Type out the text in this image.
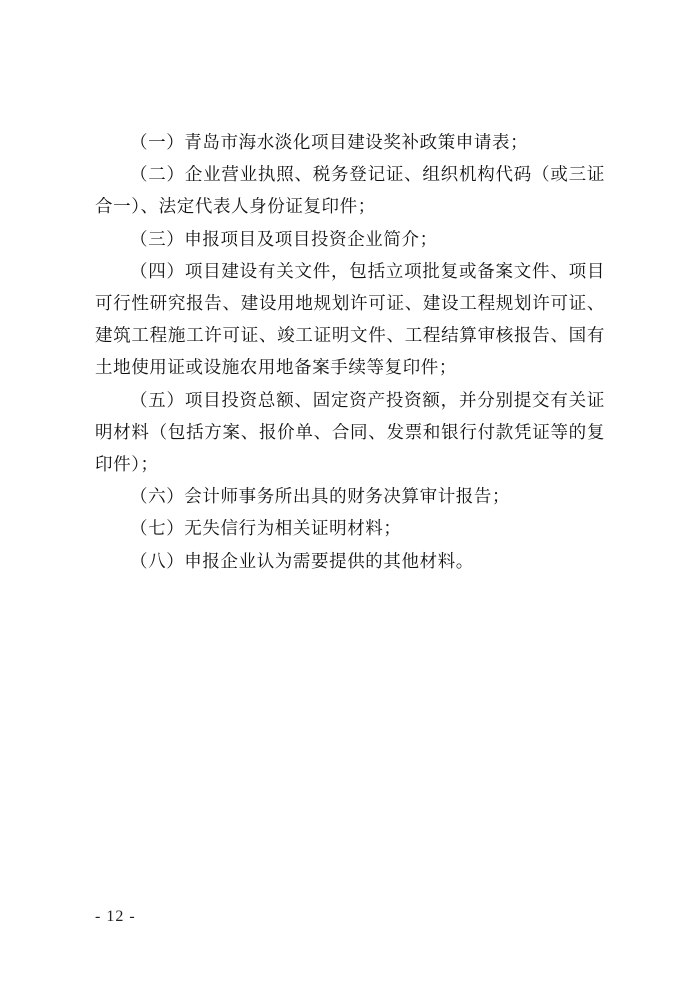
（一）青岛市海水淡化项目建设奖补政策申请表；

（二）企业营业执照、税务登记证、组织机构代码（或三证合一）、法定代表人身份证复印件；

（三）申报项目及项目投资企业简介；

（四）项目建设有关文件，包括立项批复或备案文件、项目可行性研究报告、建设用地规划许可证、建设工程规划许可证、建筑工程施工许可证、竣工证明文件、工程结算审核报告、国有土地使用证或设施农用地备案手续等复印件；

（五）项目投资总额、固定资产投资额，并分别提交有关证明材料（包括方案、报价单、合同、发票和银行付款凭证等的复印件）；

（六）会计师事务所出具的财务决算审计报告；

（七）无失信行为相关证明材料；

（八）申报企业认为需要提供的其他材料。

- 12 -
